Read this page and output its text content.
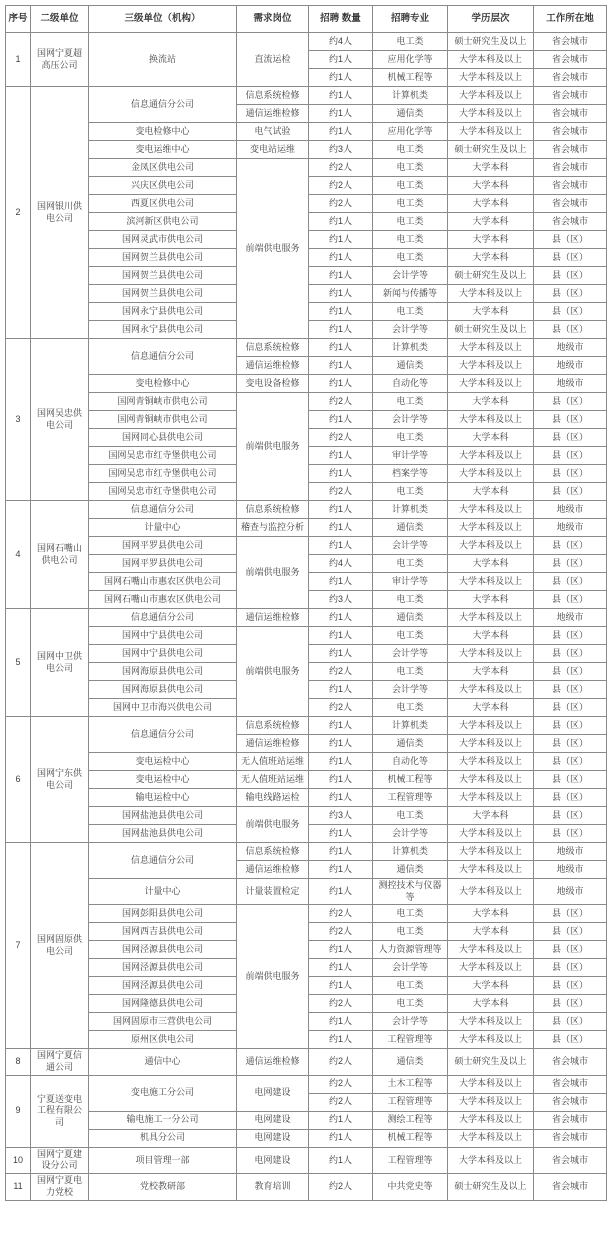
序号	二级单位	三级单位（机构）	需求岗位	招聘 数量	招聘专业	学历层次	工作所在地
1	国网宁夏超高压公司	换流站	直流运检	约4人	电工类	硕士研究生及以上	省会城市
				约1人	应用化学等	大学本科及以上	省会城市
				约1人	机械工程等	大学本科及以上	省会城市
2	国网银川供电公司	信息通信分公司	信息系统检修	约1人	计算机类	大学本科及以上	省会城市
			通信运维检修	约1人	通信类	大学本科及以上	省会城市
		变电检修中心	电气试验	约1人	应用化学等	大学本科及以上	省会城市
		变电运维中心	变电站运维	约3人	电工类	硕士研究生及以上	省会城市
		金凤区供电公司	前端供电服务	约2人	电工类	大学本科	省会城市
		兴庆区供电公司		约2人	电工类	大学本科	省会城市
		西夏区供电公司		约2人	电工类	大学本科	省会城市
		滨河新区供电公司		约1人	电工类	大学本科	省会城市
		国网灵武市供电公司		约1人	电工类	大学本科	县（区）
		国网贺兰县供电公司		约1人	电工类	大学本科	县（区）
		国网贺兰县供电公司		约1人	会计学等	硕士研究生及以上	县（区）
		国网贺兰县供电公司		约1人	新闻与传播等	大学本科及以上	县（区）
		国网永宁县供电公司		约1人	电工类	大学本科	县（区）
		国网永宁县供电公司		约1人	会计学等	硕士研究生及以上	县（区）
3	国网吴忠供电公司	信息通信分公司	信息系统检修	约1人	计算机类	大学本科及以上	地级市
			通信运维检修	约1人	通信类	大学本科及以上	地级市
		变电检修中心	变电设备检修	约1人	自动化等	大学本科及以上	地级市
		国网青铜峡市供电公司	前端供电服务	约2人	电工类	大学本科	县（区）
		国网青铜峡市供电公司		约1人	会计学等	大学本科及以上	县（区）
		国网同心县供电公司		约2人	电工类	大学本科	县（区）
		国网吴忠市红寺堡供电公司		约1人	审计学等	大学本科及以上	县（区）
		国网吴忠市红寺堡供电公司		约1人	档案学等	大学本科及以上	县（区）
		国网吴忠市红寺堡供电公司		约2人	电工类	大学本科	县（区）
4	国网石嘴山供电公司	信息通信分公司	信息系统检修	约1人	计算机类	大学本科及以上	地级市
		计量中心	稽查与监控分析	约1人	通信类	大学本科及以上	地级市
		国网平罗县供电公司	前端供电服务	约1人	会计学等	大学本科及以上	县（区）
		国网平罗县供电公司		约4人	电工类	大学本科	县（区）
		国网石嘴山市惠农区供电公司		约1人	审计学等	大学本科及以上	县（区）
		国网石嘴山市惠农区供电公司		约3人	电工类	大学本科	县（区）
5	国网中卫供电公司	信息通信分公司	通信运维检修	约1人	通信类	大学本科及以上	地级市
		国网中宁县供电公司	前端供电服务	约1人	电工类	大学本科	县（区）
		国网中宁县供电公司		约1人	会计学等	大学本科及以上	县（区）
		国网海原县供电公司		约2人	电工类	大学本科	县（区）
		国网海原县供电公司		约1人	会计学等	大学本科及以上	县（区）
		国网中卫市海兴供电公司		约2人	电工类	大学本科	县（区）
6	国网宁东供电公司	信息通信分公司	信息系统检修	约1人	计算机类	大学本科及以上	县（区）
			通信运维检修	约1人	通信类	大学本科及以上	县（区）
		变电运检中心	无人值班站运维	约1人	自动化等	大学本科及以上	县（区）
		变电运检中心	无人值班站运维	约1人	机械工程等	大学本科及以上	县（区）
		输电运检中心	输电线路运检	约1人	工程管理等	大学本科及以上	县（区）
		国网盐池县供电公司	前端供电服务	约3人	电工类	大学本科	县（区）
		国网盐池县供电公司		约1人	会计学等	大学本科及以上	县（区）
7	国网固原供电公司	信息通信分公司	信息系统检修	约1人	计算机类	大学本科及以上	地级市
			通信运维检修	约1人	通信类	大学本科及以上	地级市
		计量中心	计量装置检定	约1人	测控技术与仪器等	大学本科及以上	地级市
		国网彭阳县供电公司	前端供电服务	约2人	电工类	大学本科	县（区）
		国网西吉县供电公司		约2人	电工类	大学本科	县（区）
		国网泾源县供电公司		约1人	人力资源管理等	大学本科及以上	县（区）
		国网泾源县供电公司		约1人	会计学等	大学本科及以上	县（区）
		国网泾源县供电公司		约1人	电工类	大学本科	县（区）
		国网隆德县供电公司		约2人	电工类	大学本科	县（区）
		国网固原市三营供电公司		约1人	会计学等	大学本科及以上	县（区）
		原州区供电公司		约1人	工程管理等	大学本科及以上	县（区）
8	国网宁夏信通公司	通信中心	通信运维检修	约2人	通信类	硕士研究生及以上	省会城市
9	宁夏送变电工程有限公司	变电施工分公司	电网建设	约2人	土木工程等	大学本科及以上	省会城市
				约2人	工程管理等	大学本科及以上	省会城市
		输电施工一分公司	电网建设	约1人	测绘工程等	大学本科及以上	省会城市
		机具分公司	电网建设	约1人	机械工程等	大学本科及以上	省会城市
10	国网宁夏建设分公司	项目管理一部	电网建设	约1人	工程管理等	大学本科及以上	省会城市
11	国网宁夏电力党校	党校教研部	教育培训	约2人	中共党史等	硕士研究生及以上	省会城市
